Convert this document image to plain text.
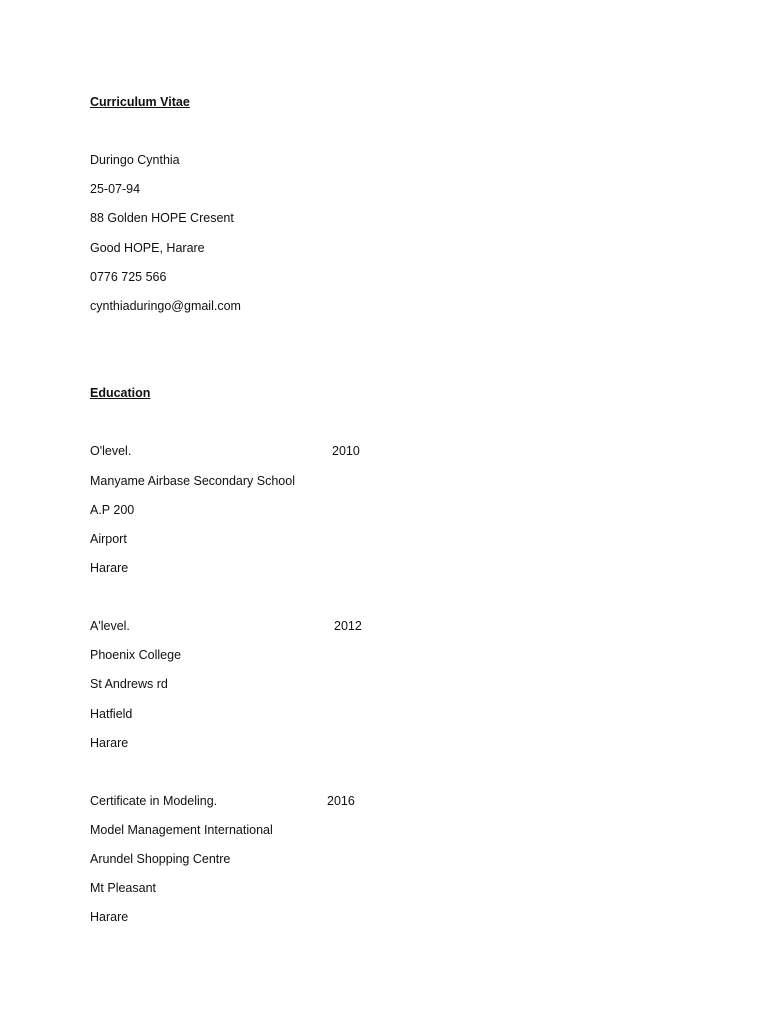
Curriculum Vitae
Duringo Cynthia
25-07-94
88 Golden HOPE Cresent
Good HOPE, Harare
0776 725 566
cynthiaduringo@gmail.com
Education
O'level.	2010
Manyame Airbase Secondary School
A.P 200
Airport
Harare
A'level.	2012
Phoenix College
St Andrews rd
Hatfield
Harare
Certificate in Modeling.	2016
Model Management International
Arundel Shopping Centre
Mt Pleasant
Harare
